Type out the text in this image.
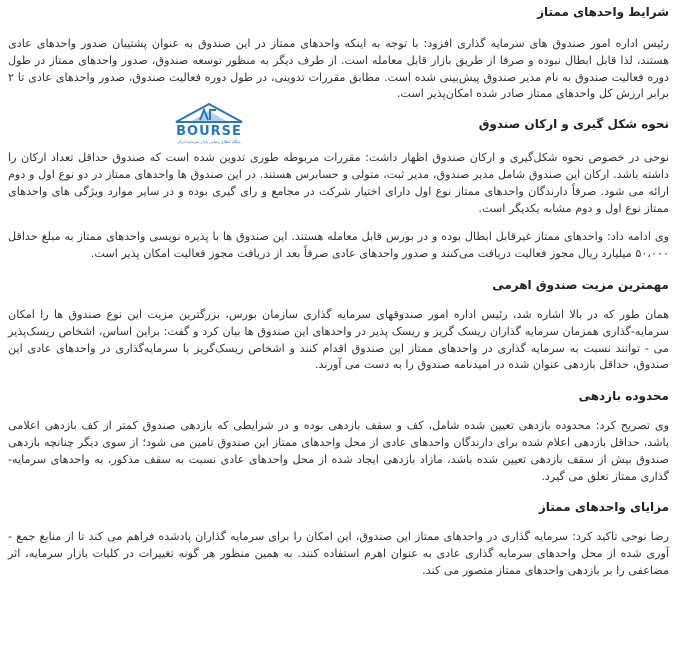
شرایط واحدهای ممتاز
رئیس اداره امور صندوق های سرمایه گذاری افزود: با توجه به اینکه واحدهای ممتاز در این صندوق به عنوان پشتیبان صدور واحدهای عادی هستند، لذا قابل ابطال نبوده و صرفا از طریق بازار قابل معامله است. از طرف دیگر به منظور توسعه صندوق، صدور واحدهای ممتاز در طول دوره فعالیت صندوق به نام مدیر صندوق پیش‌بینی شده است. مطابق مقررات تدوینی، در طول دوره فعالیت صندوق، صدور واحدهای عادی تا ۲ برابر ارزش کل واحدهای ممتاز صادر شده امکان‌پذیر است.
نحوه شکل گیری و ارکان صندوق
BOURSE
پایگاه اطلاع رسانی بازار سرمایه ایران
نوحی در خصوص نحوه شکل‌گیری و ارکان صندوق اظهار داشت: مقررات مربوطه طوری تدوین شده است که صندوق حداقل تعداد ارکان را داشته باشد. ارکان این صندوق شامل مدیر صندوق، مدیر ثبت، متولی و حسابرس هستند. در این صندوق ها واحدهای ممتاز در دو نوع اول و دوم ارائه می شود. صرفاً دارندگان واحدهای ممتاز نوع اول دارای اختیار شرکت در مجامع و رای گیری بوده و در سایر موارد ویژگی های واحدهای ممتاز نوع اول و دوم مشابه یکدیگر است.
وی ادامه داد: واحدهای ممتاز غیرقابل ابطال بوده و در بورس قابل معامله هستند. این صندوق ها با پذیره نویسی واحدهای ممتاز به مبلغ حداقل ۵۰،۰۰۰ میلیارد ریال مجوز فعالیت دریافت می‌کنند و صدور واحدهای عادی صرفاً بعد از دریافت مجوز فعالیت امکان پذیر است.
مهمترین مزیت صندوق اهرمی
همان طور که در بالا اشاره شد، رئیس اداره امور صندوقهای سرمایه گذاری سازمان بورس، بزرگترین مزیت این نوع صندوق ها را امکان سرمایه-گذاری همزمان سرمایه گذاران ریسک گریز و ریسک پذیر در واحدهای این صندوق ها بیان کرد و گفت: براین اساس، اشخاص ریسک‌پذیر می - توانند نسبت به سرمایه گذاری در واحدهای ممتاز این صندوق اقدام کنند و اشخاص ریسک‌گریز با سرمایه‌گذاری در واحدهای عادی این صندوق، حداقل بازدهی عنوان شده در امیدنامه صندوق را به دست می آورند.
محدوده بازدهی
وی تصریح کرد: محدوده بازدهی تعیین شده شامل، کف و سقف بازدهی بوده و در شرایطی که بازدهی صندوق کمتر از کف بازدهی اعلامی باشد، حداقل بازدهی اعلام شده برای دارندگان واحدهای عادی از محل واحدهای ممتاز این صندوق تامین می شود؛ از سوی دیگر چنانچه بازدهی صندوق بیش از سقف بازدهی تعیین شده باشد، مازاد بازدهی ایجاد شده از محل واحدهای عادی نسبت به سقف مذکور، به واحدهای سرمایه-گذاری ممتاز تعلق می گیرد.
مزایای واحدهای ممتاز
رضا نوحی تاکید کرد: سرمایه گذاری در واحدهای ممتاز این صندوق، این امکان را برای سرمایه گذاران پادشده فراهم می کند تا از منابع جمع - آوری شده از محل واحدهای سرمایه گذاری عادی به عنوان اهرم استفاده کنند. به همین منظور هر گونه تغییرات در کلیات بازار سرمایه، اثر مضاعفی را بر بازدهی واحدهای ممتاز متصور می کند.
